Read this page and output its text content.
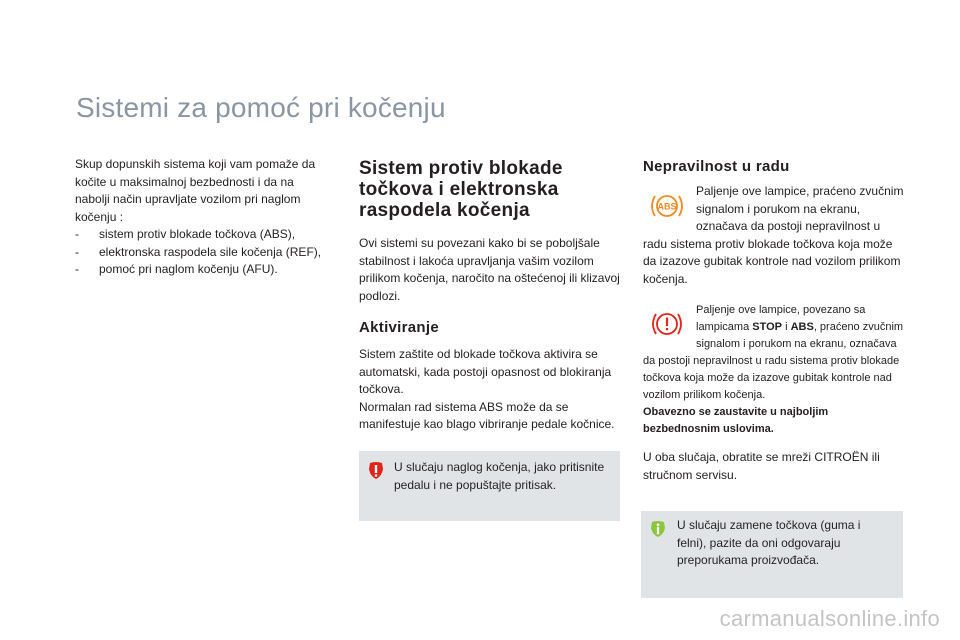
Sistemi za pomoć pri kočenju

Skup dopunskih sistema koji vam pomaže da kočite u maksimalnoj bezbednosti i da na nabolji način upravljate vozilom pri naglom kočenju :

- sistem protiv blokade točkova (ABS),
- elektronska raspodela sile kočenja (REF),
- pomoć pri naglom kočenju (AFU).
Sistem protiv blokade točkova i elektronska raspodela kočenja

Ovi sistemi su povezani kako bi se poboljšale stabilnost i lakoća upravljanja vašim vozilom prilikom kočenja, naročito na oštećenoj ili klizavoj podlozi.

Aktiviranje

Sistem zaštite od blokade točkova aktivira se automatski, kada postoji opasnost od blokiranja točkova.

Normalan rad sistema ABS može da se manifestuje kao blago vibriranje pedale kočnice.

U slučaju naglog kočenja, jako pritisnite pedalu i ne popuštajte pritisak.
Nepravilnost u radu
ABS
Paljenje ove lampice, praćeno zvučnim signalom i porukom na ekranu, označava da postoji nepravilnost u radu sistema protiv blokade točkova koja može da izazove gubitak kontrole nad vozilom prilikom kočenja.
Paljenje ove lampice, povezano sa lampicama STOP i ABS, praćeno zvučnim signalom i porukom na ekranu, označava da postoji nepravilnost u radu sistema protiv blokade točkova koja može da izazove gubitak kontrole nad vozilom prilikom kočenja.
Obavezno se zaustavite u najboljim bezbednosnim uslovima.
U oba slučaja, obratite se mreži CITROËN ili stručnom servisu.
U slučaju zamene točkova (guma i felni), pazite da oni odgovaraju preporukama proizvođača.
carmanualsonline.info
